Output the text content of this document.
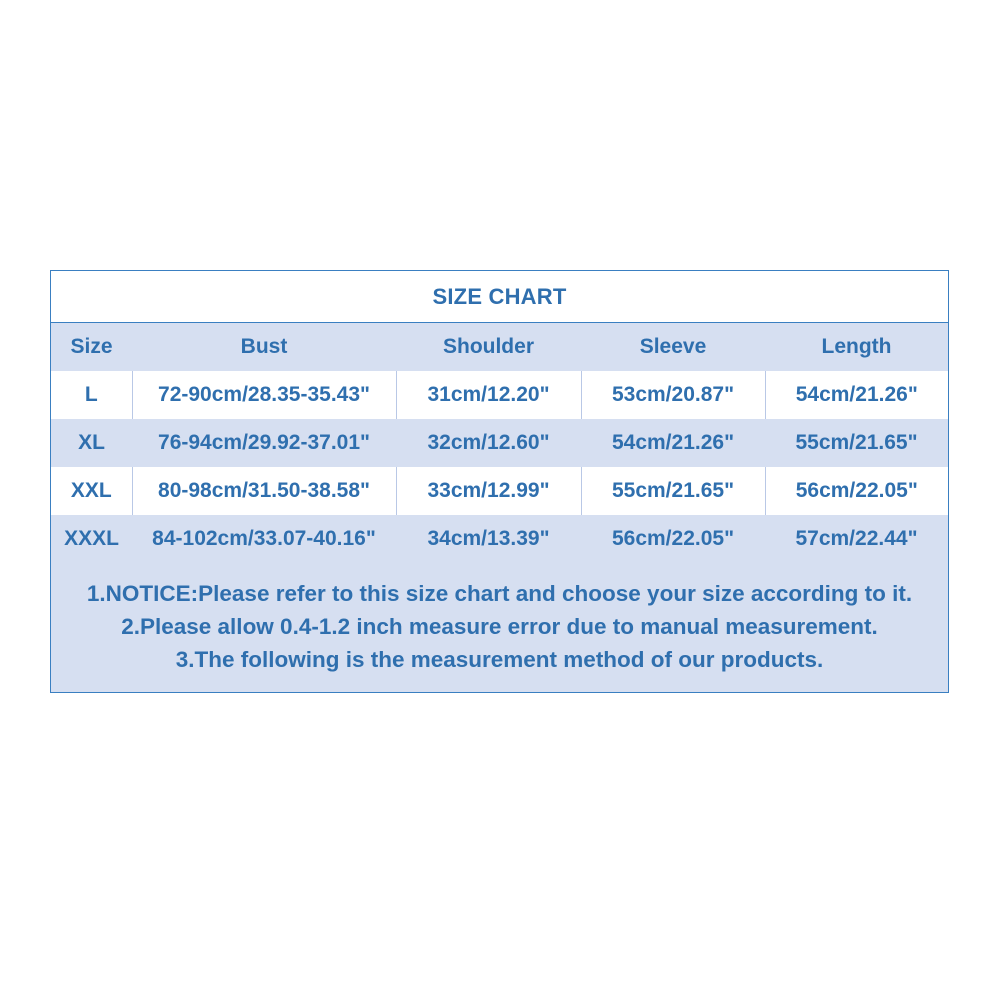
SIZE CHART
Size	Bust	Shoulder	Sleeve	Length
L	72-90cm/28.35-35.43"	31cm/12.20"	53cm/20.87"	54cm/21.26"
XL	76-94cm/29.92-37.01"	32cm/12.60"	54cm/21.26"	55cm/21.65"
XXL	80-98cm/31.50-38.58"	33cm/12.99"	55cm/21.65"	56cm/22.05"
XXXL	84-102cm/33.07-40.16"	34cm/13.39"	56cm/22.05"	57cm/22.44"
1.NOTICE:Please refer to this size chart and choose your size according to it.
2.Please allow 0.4-1.2 inch measure error due to manual measurement.
3.The following is the measurement method of our products.
